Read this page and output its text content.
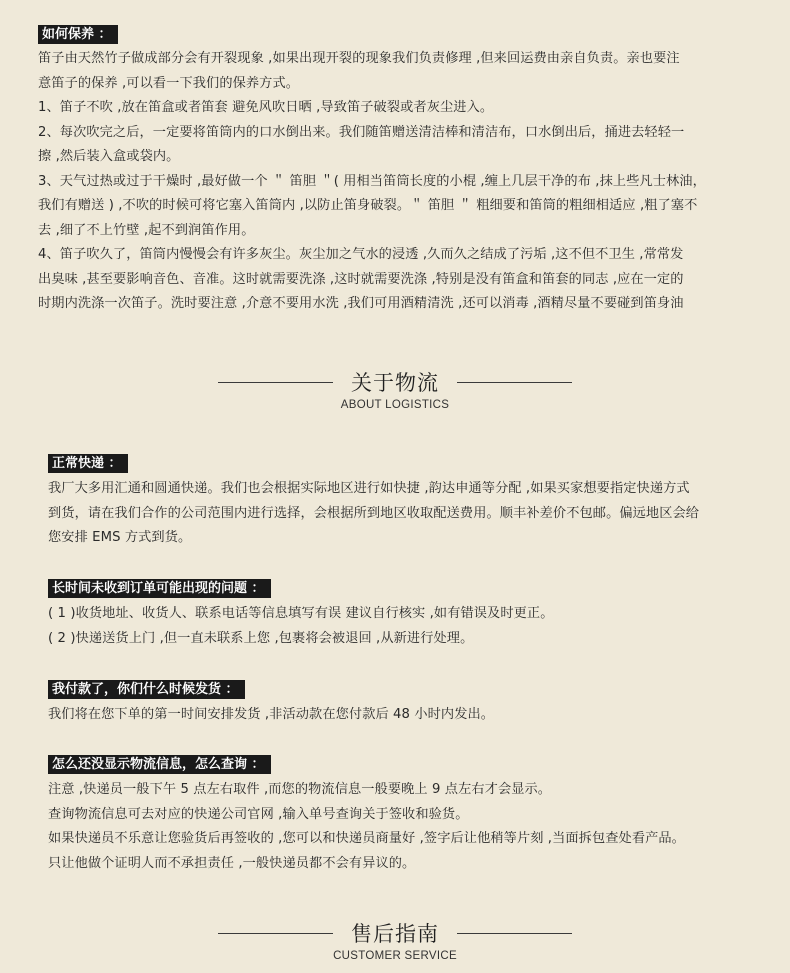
如何保养 ：

笛子由天然竹子做成部分会有开裂现象 ,如果出现开裂的现象我们负责修理 ,但来回运费由亲自负责。亲也要注

意笛子的保养 ,可以看一下我们的保养方式。

1、笛子不吹 ,放在笛盒或者笛套 避免风吹日晒 ,导致笛子破裂或者灰尘进入。

2、每次吹完之后，一定要将笛筒内的口水倒出来。我们随笛赠送清洁棒和清洁布，口水倒出后，捅进去轻轻一

擦 ,然后装入盒或袋内。

3、天气过热或过于干燥时 ,最好做一个 ＂ 笛胆 ＂( 用相当笛筒长度的小棍 ,缠上几层干净的布 ,抹上些凡士林油，

我们有赠送 ) ,不吹的时候可将它塞入笛筒内 ,以防止笛身破裂。＂ 笛胆 ＂ 粗细要和笛筒的粗细相适应 ,粗了塞不

去 ,细了不上竹壁 ,起不到润笛作用。

4、笛子吹久了，笛筒内慢慢会有许多灰尘。灰尘加之气水的浸透 ,久而久之结成了污垢 ,这不但不卫生 ,常常发

出臭味 ,甚至要影响音色、音准。这时就需要洗涤 ,这时就需要洗涤 ,特别是没有笛盒和笛套的同志 ,应在一定的

时期内洗涤一次笛子。洗时要注意 ,介意不要用水洗 ,我们可用酒精清洗 ,还可以消毒 ,酒精尽量不要碰到笛身油

关于物流
ABOUT LOGISTICS
正常快递 ：

我厂大多用汇通和圆通快递。我们也会根据实际地区进行如快捷 ,韵达申通等分配 ,如果买家想要指定快递方式

到货，请在我们合作的公司范围内进行选择，会根据所到地区收取配送费用。顺丰补差价不包邮。偏远地区会给

您安排 EMS 方式到货。

长时间未收到订单可能出现的问题 ：

( 1 )收货地址、收货人、联系电话等信息填写有误 建议自行核实 ,如有错误及时更正。

( 2 )快递送货上门 ,但一直未联系上您 ,包裹将会被退回 ,从新进行处理。

我付款了，你们什么时候发货 ：

我们将在您下单的第一时间安排发货 ,非活动款在您付款后 48 小时内发出。

怎么还没显示物流信息，怎么查询 ：

注意 ,快递员一般下午 5 点左右取件 ,而您的物流信息一般要晚上 9 点左右才会显示。

查询物流信息可去对应的快递公司官网 ,输入单号查询关于签收和验货。

如果快递员不乐意让您验货后再签收的 ,您可以和快递员商量好 ,签字后让他稍等片刻 ,当面拆包查处看产品。

只让他做个证明人而不承担责任 ,一般快递员都不会有异议的。

售后指南
CUSTOMER SERVICE
